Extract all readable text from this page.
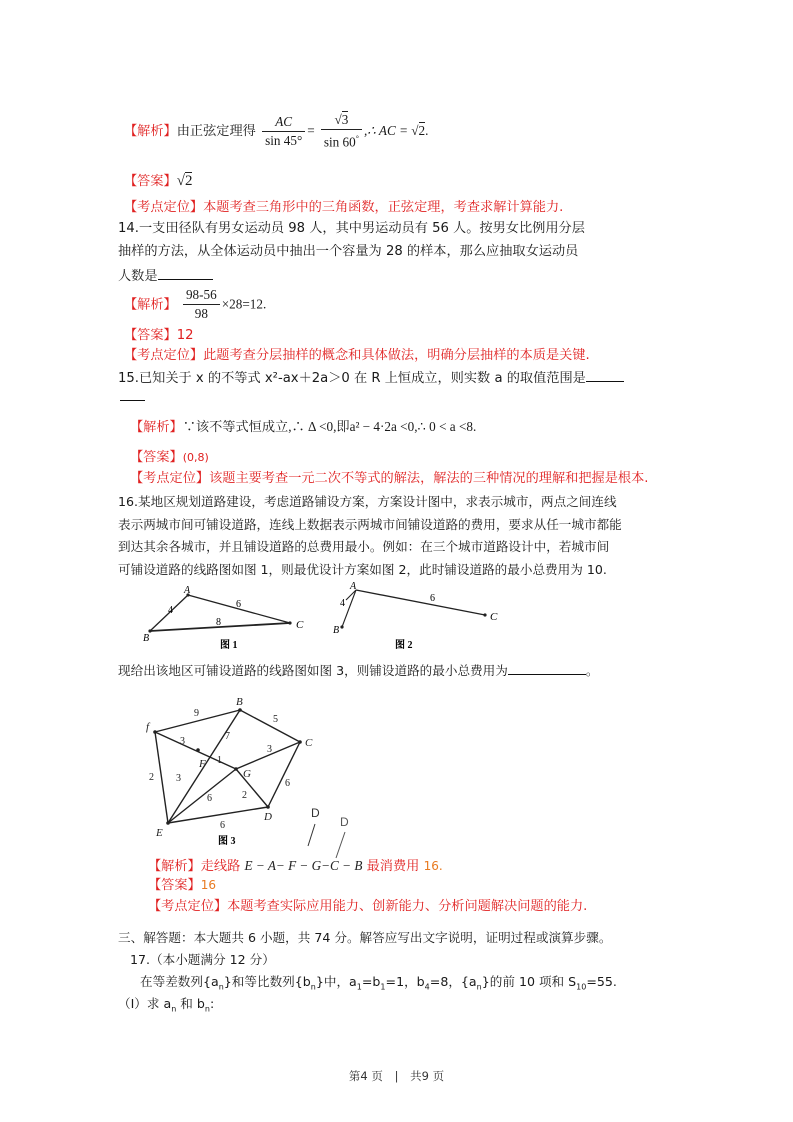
【解析】由正弦定理得 $\frac{AC}{\sin 45^\circ} = \frac{√3}{\sin 60^\circ}$ ,∴ AC = √2.
【答案】√2
【考点定位】本题考查三角形中的三角函数，正弦定理，考查求解计算能力.
14.一支田径队有男女运动员 98 人，其中男运动员有 56 人。按男女比例用分层
抽样的方法，从全体运动员中抽出一个容量为 28 的样本，那么应抽取女运动员
人数是
【解析】 $\frac{98-56}{98} \times 28=12$.
【答案】12
【考点定位】此题考查分层抽样的概念和具体做法，明确分层抽样的本质是关键.
15.已知关于 x 的不等式 x²-ax＋2a＞0 在 R 上恒成立，则实数 a 的取值范围是
【解析】∵该不等式恒成立,∴ Δ <0,即a² − 4·2a <0,∴ 0 < a <8.
【答案】(0,8)
【考点定位】该题主要考查一元二次不等式的解法，解法的三种情况的理解和把握是根本.
16.某地区规划道路建设，考虑道路铺设方案，方案设计图中，求表示城市，两点之间连线
表示两城市间可铺设道路，连线上数据表示两城市间铺设道路的费用，要求从任一城市都能
到达其余各城市，并且铺设道路的总费用最小。例如：在三个城市道路设计中，若城市间
可铺设道路的线路图如图 1，则最优设计方案如图 2，此时铺设道路的最小总费用为 10.
A
B
C
4
6
8
图 1
A
B
C
4	6
图 2
现给出该地区可铺设道路的线路图如图 3，则铺设道路的最小总费用为	。
f
B
C
F
G
D
E
9
5
3	7
1
3
2 3
6	2
6
6
图 3
D
D
【解析】走线路 E − A− F − G−C − B 最消费用 16.
【答案】16
【考点定位】本题考查实际应用能力、创新能力、分析问题解决问题的能力.
三、解答题：本大题共 6 小题，共 74 分。解答应写出文字说明，证明过程或演算步骤。
17.（本小题满分 12 分）
在等差数列$\{a_n\}$和等比数列$\{b_n\}$中，$a_1=b_1=1$，$b_4=8$，$\{a_n\}$的前 10 项和 $S_{10}=55$.
（Ⅰ）求 $a_n$ 和 $b_n$:
第4 页 | 共9 页
